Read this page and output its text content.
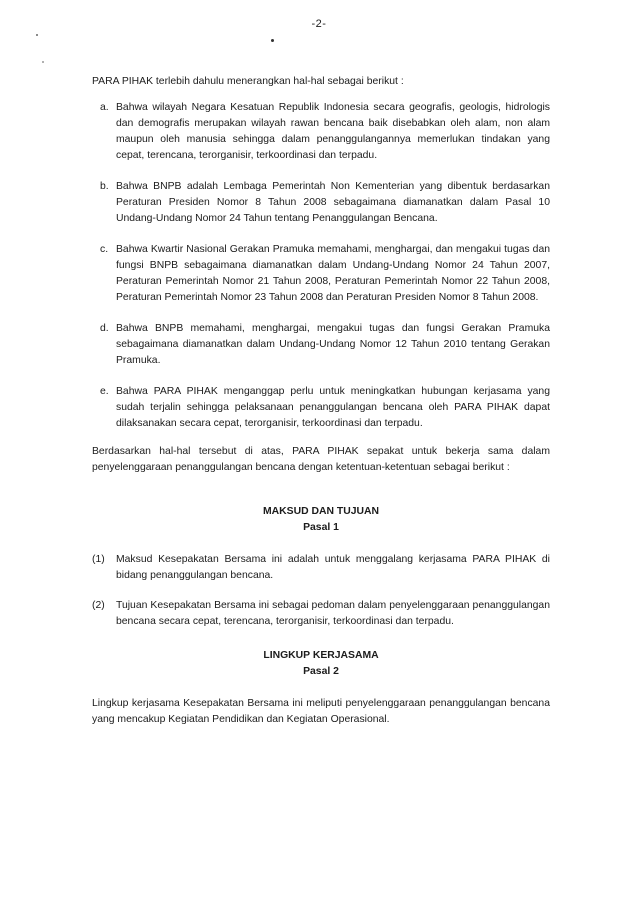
-2-

PARA PIHAK terlebih dahulu menerangkan hal-hal sebagai berikut :

a. Bahwa wilayah Negara Kesatuan Republik Indonesia secara geografis, geologis, hidrologis dan demografis merupakan wilayah rawan bencana baik disebabkan oleh alam, non alam maupun oleh manusia sehingga dalam penanggulangannya memerlukan tindakan yang cepat, terencana, terorganisir, terkoordinasi dan terpadu.
b. Bahwa BNPB adalah Lembaga Pemerintah Non Kementerian yang dibentuk berdasarkan Peraturan Presiden Nomor 8 Tahun 2008 sebagaimana diamanatkan dalam Pasal 10 Undang-Undang Nomor 24 Tahun tentang Penanggulangan Bencana.
c. Bahwa Kwartir Nasional Gerakan Pramuka memahami, menghargai, dan mengakui tugas dan fungsi BNPB sebagaimana diamanatkan dalam Undang-Undang Nomor 24 Tahun 2007, Peraturan Pemerintah Nomor 21 Tahun 2008, Peraturan Pemerintah Nomor 22 Tahun 2008, Peraturan Pemerintah Nomor 23 Tahun 2008 dan Peraturan Presiden Nomor 8 Tahun 2008.
d. Bahwa BNPB memahami, menghargai, mengakui tugas dan fungsi Gerakan Pramuka sebagaimana diamanatkan dalam Undang-Undang Nomor 12 Tahun 2010 tentang Gerakan Pramuka.
e. Bahwa PARA PIHAK menganggap perlu untuk meningkatkan hubungan kerjasama yang sudah terjalin sehingga pelaksanaan penanggulangan bencana oleh PARA PIHAK dapat dilaksanakan secara cepat, terorganisir, terkoordinasi dan terpadu.

Berdasarkan hal-hal tersebut di atas, PARA PIHAK sepakat untuk bekerja sama dalam penyelenggaraan penanggulangan bencana dengan ketentuan-ketentuan sebagai berikut :

MAKSUD DAN TUJUAN
Pasal 1
(1) Maksud Kesepakatan Bersama ini adalah untuk menggalang kerjasama PARA PIHAK di bidang penanggulangan bencana.
(2) Tujuan Kesepakatan Bersama ini sebagai pedoman dalam penyelenggaraan penanggulangan bencana secara cepat, terencana, terorganisir, terkoordinasi dan terpadu.
LINGKUP KERJASAMA
Pasal 2

Lingkup kerjasama Kesepakatan Bersama ini meliputi penyelenggaraan penanggulangan bencana yang mencakup Kegiatan Pendidikan dan Kegiatan Operasional.
